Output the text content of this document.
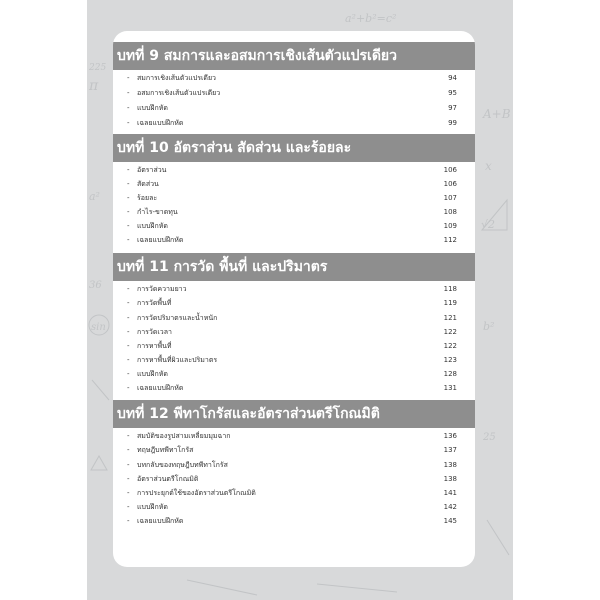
a²+b²=c²
A+B
π
sin
225
36
√2
25
a²
b²
x
บทที่ 9 สมการและอสมการเชิงเส้นตัวแปรเดียว
- สมการเชิงเส้นตัวแปรเดียว	94
- อสมการเชิงเส้นตัวแปรเดียว	95
- แบบฝึกหัด	97
- เฉลยแบบฝึกหัด	99
บทที่ 10 อัตราส่วน สัดส่วน และร้อยละ
- อัตราส่วน	106
- สัดส่วน	106
- ร้อยละ	107
- กำไร-ขาดทุน	108
- แบบฝึกหัด	109
- เฉลยแบบฝึกหัด	112
บทที่ 11 การวัด พื้นที่ และปริมาตร
- การวัดความยาว	118
- การวัดพื้นที่	119
- การวัดปริมาตรและน้ำหนัก	121
- การวัดเวลา	122
- การหาพื้นที่	122
- การหาพื้นที่ผิวและปริมาตร	123
- แบบฝึกหัด	128
- เฉลยแบบฝึกหัด	131
บทที่ 12 พีทาโกรัสและอัตราส่วนตรีโกณมิติ
- สมบัติของรูปสามเหลี่ยมมุมฉาก	136
- ทฤษฎีบทพีทาโกรัส	137
- บทกลับของทฤษฎีบทพีทาโกรัส	138
- อัตราส่วนตรีโกณมิติ	138
- การประยุกต์ใช้ของอัตราส่วนตรีโกณมิติ	141
- แบบฝึกหัด	142
- เฉลยแบบฝึกหัด	145
